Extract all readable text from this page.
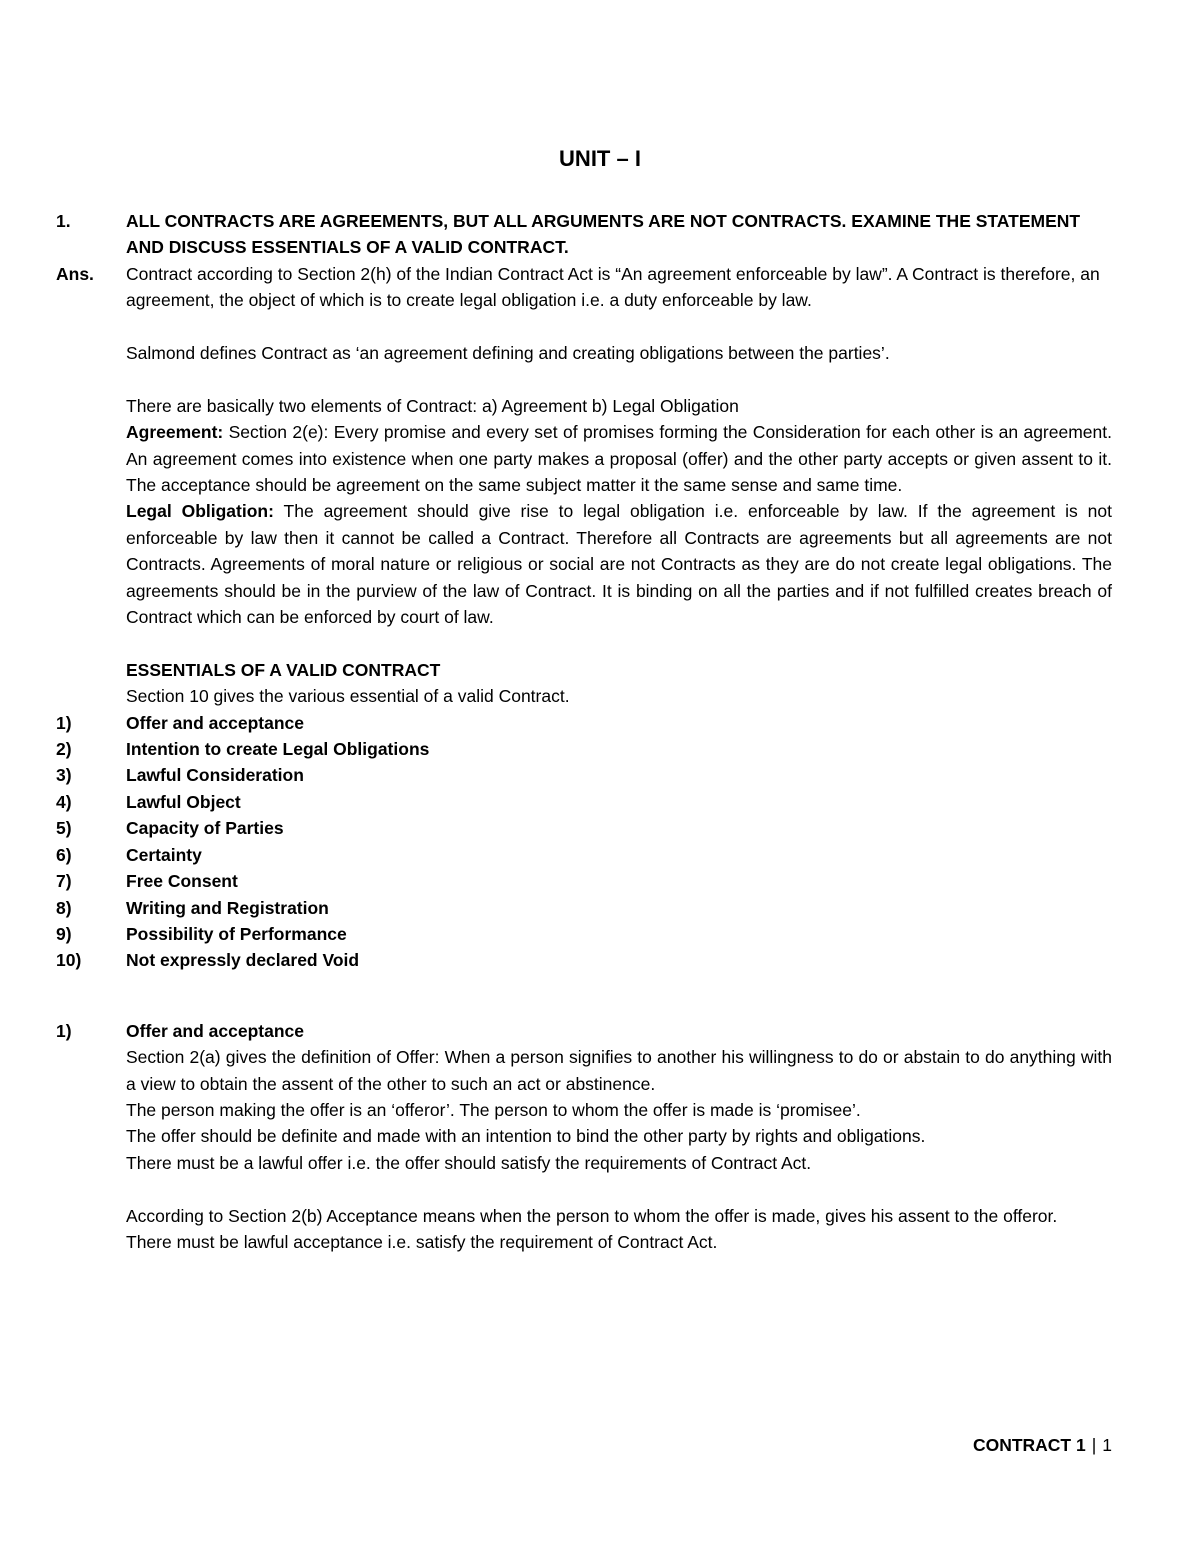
UNIT – I
1.	ALL CONTRACTS ARE AGREEMENTS, BUT ALL ARGUMENTS ARE NOT CONTRACTS. EXAMINE THE STATEMENT AND DISCUSS ESSENTIALS OF A VALID CONTRACT.
Ans.	Contract according to Section 2(h) of the Indian Contract Act is “An agreement enforceable by law”. A Contract is therefore, an agreement, the object of which is to create legal obligation i.e. a duty enforceable by law.

Salmond defines Contract as ‘an agreement defining and creating obligations between the parties’.

There are basically two elements of Contract: a) Agreement b) Legal Obligation

Agreement: Section 2(e): Every promise and every set of promises forming the Consideration for each other is an agreement. An agreement comes into existence when one party makes a proposal (offer) and the other party accepts or given assent to it. The acceptance should be agreement on the same subject matter it the same sense and same time.

Legal Obligation: The agreement should give rise to legal obligation i.e. enforceable by law. If the agreement is not enforceable by law then it cannot be called a Contract. Therefore all Contracts are agreements but all agreements are not Contracts. Agreements of moral nature or religious or social are not Contracts as they are do not create legal obligations. The agreements should be in the purview of the law of Contract. It is binding on all the parties and if not fulfilled creates breach of Contract which can be enforced by court of law.

ESSENTIALS OF A VALID CONTRACT

Section 10 gives the various essential of a valid Contract.

1)	Offer and acceptance
2)	Intention to create Legal Obligations
3)	Lawful Consideration
4)	Lawful Object
5)	Capacity of Parties
6)	Certainty
7)	Free Consent
8)	Writing and Registration
9)	Possibility of Performance
10)	Not expressly declared Void
1)	Offer and acceptance

Section 2(a) gives the definition of Offer: When a person signifies to another his willingness to do or abstain to do anything with a view to obtain the assent of the other to such an act or abstinence.

The person making the offer is an ‘offeror’. The person to whom the offer is made is ‘promisee’.

The offer should be definite and made with an intention to bind the other party by rights and obligations.

There must be a lawful offer i.e. the offer should satisfy the requirements of Contract Act.

According to Section 2(b) Acceptance means when the person to whom the offer is made, gives his assent to the offeror.

There must be lawful acceptance i.e. satisfy the requirement of Contract Act.

CONTRACT 1 | 1
